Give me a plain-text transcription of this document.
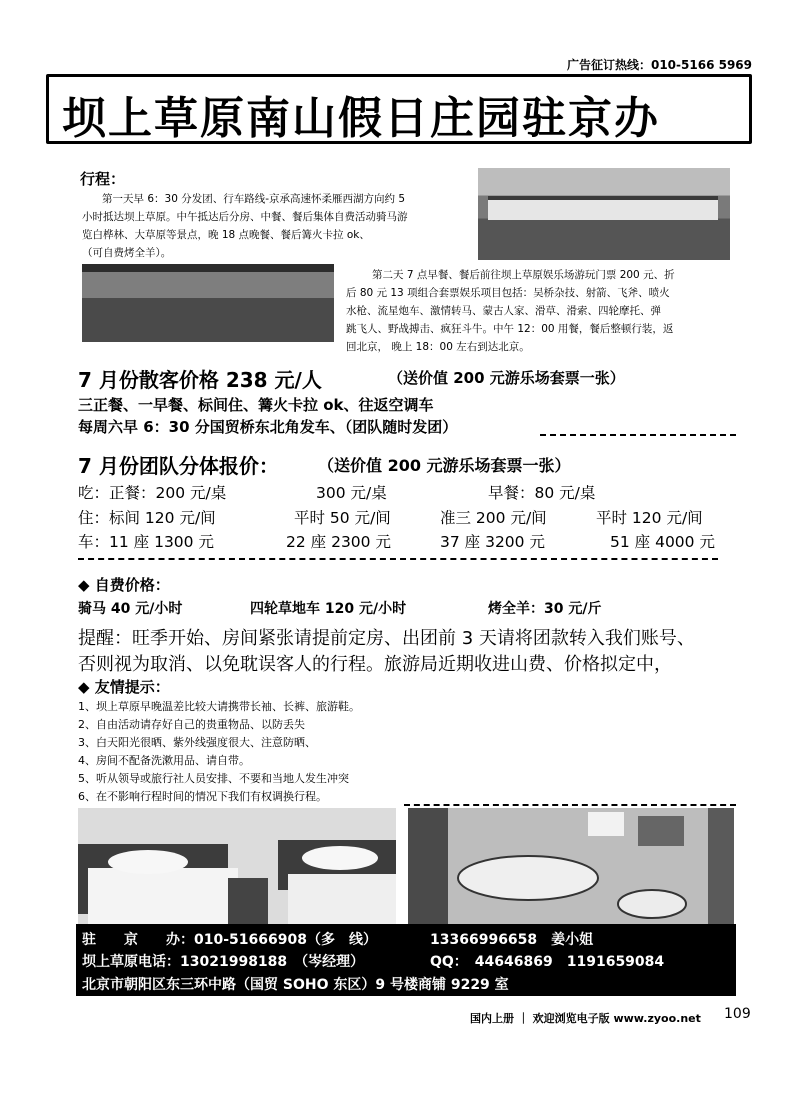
广告征订热线：010-5166 5969
坝上草原南山假日庄园驻京办
行程：
第一天早 6：30 分发团、行车路线-京承高速怀柔雁西湖方向约 5
小时抵达坝上草原。中午抵达后分房、中餐、餐后集体自费活动骑马游
览白桦林、大草原等景点，晚 18 点晚餐、餐后篝火卡拉 ok、
（可自费烤全羊）。
第二天 7 点早餐、餐后前往坝上草原娱乐场游玩门票 200 元、折
后 80 元 13 项组合套票娱乐项目包括：吴桥杂技、射箭、飞斧、喷火
水枪、流星炮车、激情转马、蒙古人家、滑草、滑索、四轮摩托、弹
跳飞人、野战搏击、疯狂斗牛。中午 12：00 用餐，餐后整顿行装，返
回北京， 晚上 18：00 左右到达北京。
7 月份散客价格 238 元/人	（送价值 200 元游乐场套票一张）
三正餐、一早餐、标间住、篝火卡拉 ok、往返空调车
每周六早 6：30 分国贸桥东北角发车、（团队随时发团）
7 月份团队分体报价： （送价值 200 元游乐场套票一张）
吃：正餐：200 元/桌	300 元/桌	早餐：80 元/桌
住：标间 120 元/间	平时 50 元/间	准三 200 元/间	平时 120 元/间
车：11 座 1300 元	22 座 2300 元	37 座 3200 元	51 座 4000 元
◆ 自费价格：
骑马 40 元/小时	四轮草地车 120 元/小时	烤全羊：30 元/斤
提醒：旺季开始、房间紧张请提前定房、出团前 3 天请将团款转入我们账号、
否则视为取消、以免耽误客人的行程。旅游局近期收进山费、价格拟定中，
◆ 友情提示：
1、坝上草原早晚温差比较大请携带长袖、长裤、旅游鞋。
2、自由活动请存好自己的贵重物品、以防丢失
3、白天阳光很晒、紫外线强度很大、注意防晒、
4、房间不配备洗漱用品、请自带。
5、听从领导或旅行社人员安排、不要和当地人发生冲突
6、在不影响行程时间的情况下我们有权调换行程。
驻　　京　　办：010-51666908（多　线）	13366996658　姜小姐
坝上草原电话：13021998188　（岑经理）	QQ：　44646869　1191659084
北京市朝阳区东三环中路（国贸 SOHO 东区）9 号楼商铺 9229 室
国内上册 ｜ 欢迎浏览电子版 www.zyoo.net 109
